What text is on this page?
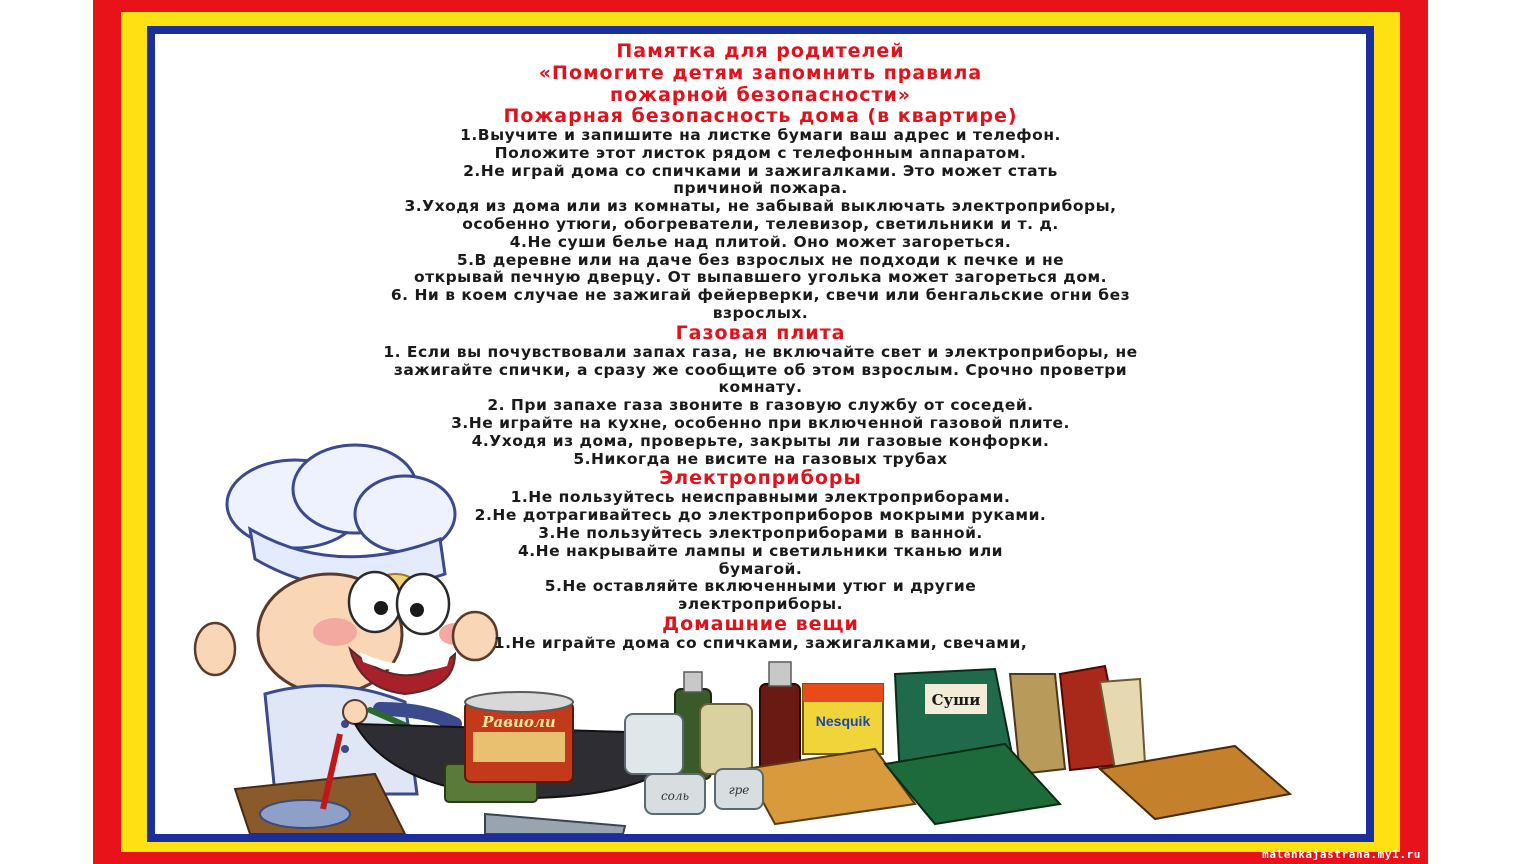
Равиоли	Nesquik
Суши
соль	гре
Памятка для родителей
«Помогите детям запомнить правила
пожарной безопасности»
Пожарная безопасность дома (в квартире)
1.Выучите и запишите на листке бумаги ваш адрес и телефон.
Положите этот листок рядом с телефонным аппаратом.
2.Не играй дома со спичками и зажигалками. Это может стать
причиной пожара.
3.Уходя из дома или из комнаты, не забывай выключать электроприборы,
особенно утюги, обогреватели, телевизор, светильники и т. д.
4.Не суши белье над плитой. Оно может загореться.
5.В деревне или на даче без взрослых не подходи к печке и не
открывай печную дверцу. От выпавшего уголька может загореться дом.
6. Ни в коем случае не зажигай фейерверки, свечи или бенгальские огни без
взрослых.
Газовая плита
1. Если вы почувствовали запах газа, не включайте свет и электроприборы, не
зажигайте спички, а сразу же сообщите об этом взрослым. Срочно проветри
комнату.
2. При запахе газа звоните в газовую службу от соседей.
3.Не играйте на кухне, особенно при включенной газовой плите.
4.Уходя из дома, проверьте, закрыты ли газовые конфорки.
5.Никогда не висите на газовых трубах
Электроприборы
1.Не пользуйтесь неисправными электроприборами.
2.Не дотрагивайтесь до электроприборов мокрыми руками.
3.Не пользуйтесь электроприборами в ванной.
4.Не накрывайте лампы и светильники тканью или
бумагой.
5.Не оставляйте включенными утюг и другие
электроприборы.
Домашние вещи
1.Не играйте дома со спичками, зажигалками, свечами,
malenkajastrana.my1.ru
